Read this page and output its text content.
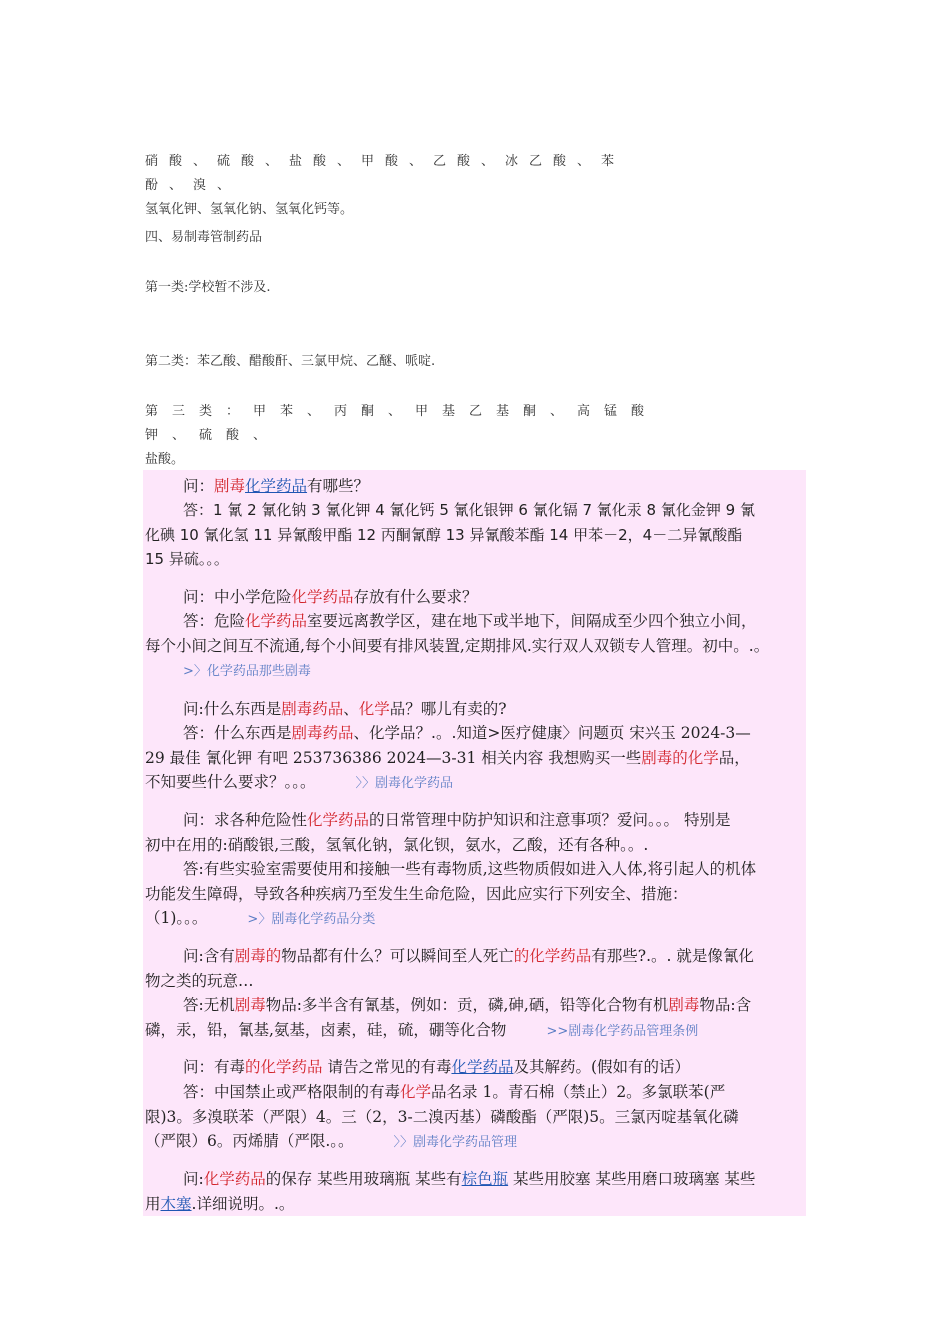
硝酸、硫酸、盐酸、甲酸、乙酸、冰乙酸、苯酚、溴、
氢氧化钾、氢氧化钠、氢氧化钙等。
四、易制毒管制药品
第一类:学校暂不涉及.
第二类：苯乙酸、醋酸酐、三氯甲烷、乙醚、哌啶.
第三类：甲苯、丙酮、甲基乙基酮、高锰酸钾、硫酸、
盐酸。
问：剧毒化学药品有哪些？
答：1 氰 2 氰化钠 3 氰化钾 4 氰化钙 5 氰化银钾 6 氰化镉 7 氰化汞 8 氰化金钾 9 氰
化碘 10 氰化氢 11 异氰酸甲酯 12 丙酮氰醇 13 异氰酸苯酯 14 甲苯－2，4－二异氰酸酯
15 异硫。。。
问：中小学危险化学药品存放有什么要求？
答：危险化学药品室要远离教学区，建在地下或半地下，间隔成至少四个独立小间，
每个小间之间互不流通,每个小间要有排风装置,定期排风.实行双人双锁专人管理。初中。.。
>〉化学药品那些剧毒
问:什么东西是剧毒药品、化学品？哪儿有卖的?
答：什么东西是剧毒药品、化学品？.。.知道>医疗健康〉问题页 宋兴玉 2024-3—
29 最佳 氰化钾 有吧 253736386 2024—3-31 相关内容 我想购买一些剧毒的化学品，
不知要些什么要求？。。。	〉〉剧毒化学药品
问：求各种危险性化学药品的日常管理中防护知识和注意事项？爱问。。。 特别是
初中在用的:硝酸银,三酸，氢氧化钠，氯化钡，氨水，乙酸，还有各种。。.
答:有些实验室需要使用和接触一些有毒物质,这些物质假如进入人体,将引起人的机体
功能发生障碍，导致各种疾病乃至发生生命危险，因此应实行下列安全、措施：
（1)。。。	>〉剧毒化学药品分类
问:含有剧毒的物品都有什么？可以瞬间至人死亡的化学药品有那些?.。. 就是像氰化
物之类的玩意…
答:无机剧毒物品:多半含有氰基，例如：贡，磷,砷,硒，铅等化合物有机剧毒物品:含
磷，汞，铅，氰基,氨基，卤素，硅，硫，硼等化合物	>>剧毒化学药品管理条例
问：有毒的化学药品 请告之常见的有毒化学药品及其解药。(假如有的话）
答：中国禁止或严格限制的有毒化学品名录 1。青石棉（禁止）2。多氯联苯(严
限)3。多溴联苯（严限）4。三（2，3-二溴丙基）磷酸酯（严限)5。三氯丙啶基氧化磷
（严限）6。丙烯腈（严限.。。	〉〉剧毒化学药品管理
问:化学药品的保存 某些用玻璃瓶 某些有棕色瓶 某些用胶塞 某些用磨口玻璃塞 某些
用木塞.详细说明。.。
